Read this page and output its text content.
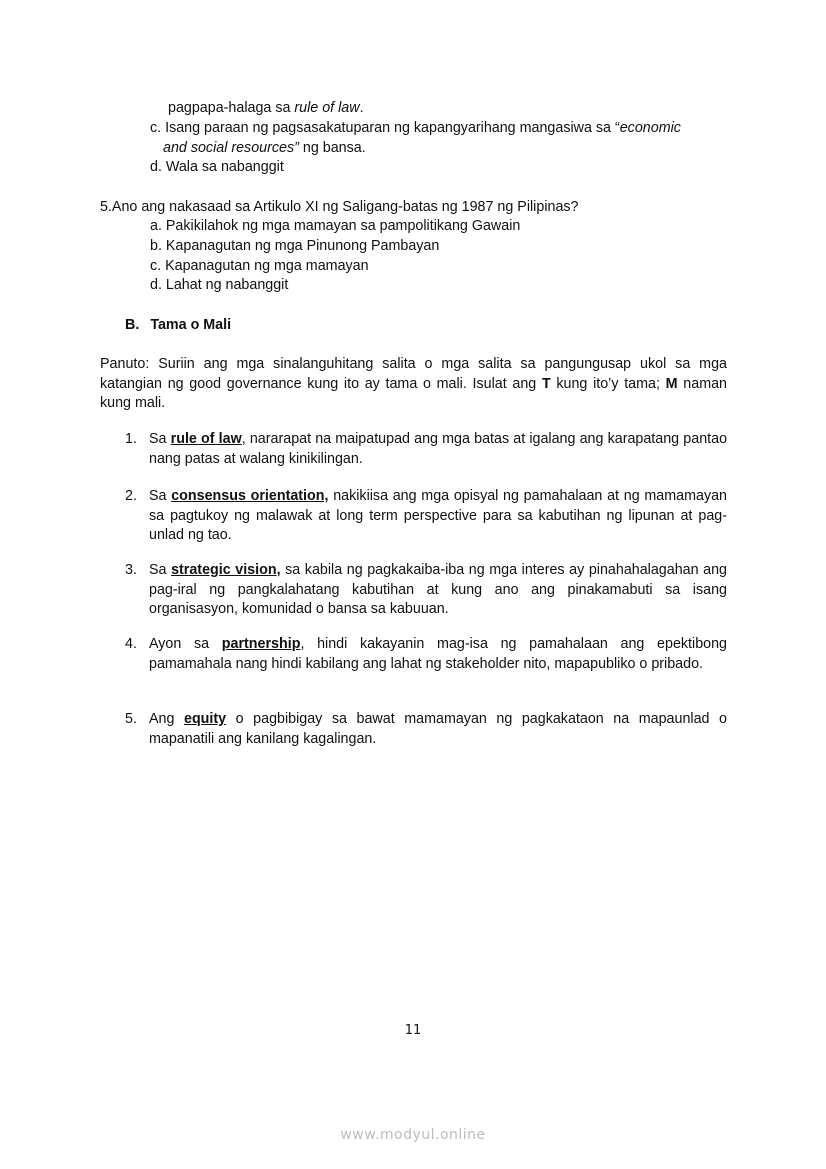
pagpapa-halaga sa rule of law.
c. Isang paraan ng pagsasakatuparan ng kapangyarihang mangasiwa sa “economic
and social resources” ng bansa.
d. Wala sa nabanggit
5.Ano ang nakasaad sa Artikulo XI ng Saligang-batas ng 1987 ng Pilipinas?
a. Pakikilahok ng mga mamayan sa pampolitikang Gawain
b. Kapanagutan ng mga Pinunong Pambayan
c. Kapanagutan ng mga mamayan
d. Lahat ng nabanggit
B. Tama o Mali
Panuto: Suriin ang mga sinalanguhitang salita o mga salita sa pangungusap ukol sa mga katangian ng good governance kung ito ay tama o mali. Isulat ang T kung ito’y tama; M naman kung mali.
1. Sa rule of law, nararapat na maipatupad ang mga batas at igalang ang karapatang pantao nang patas at walang kinikilingan.
2. Sa consensus orientation, nakikiisa ang mga opisyal ng pamahalaan at ng mamamayan sa pagtukoy ng malawak at long term perspective para sa kabutihan ng lipunan at pag-unlad ng tao.
3. Sa strategic vision, sa kabila ng pagkakaiba-iba ng mga interes ay pinahahalagahan ang pag-iral ng pangkalahatang kabutihan at kung ano ang pinakamabuti sa isang organisasyon, komunidad o bansa sa kabuuan.
4. Ayon sa partnership, hindi kakayanin mag-isa ng pamahalaan ang epektibong pamamahala nang hindi kabilang ang lahat ng stakeholder nito, mapapubliko o pribado.
5. Ang equity o pagbibigay sa bawat mamamayan ng pagkakataon na mapaunlad o mapanatili ang kanilang kagalingan.
11
www.modyul.online
